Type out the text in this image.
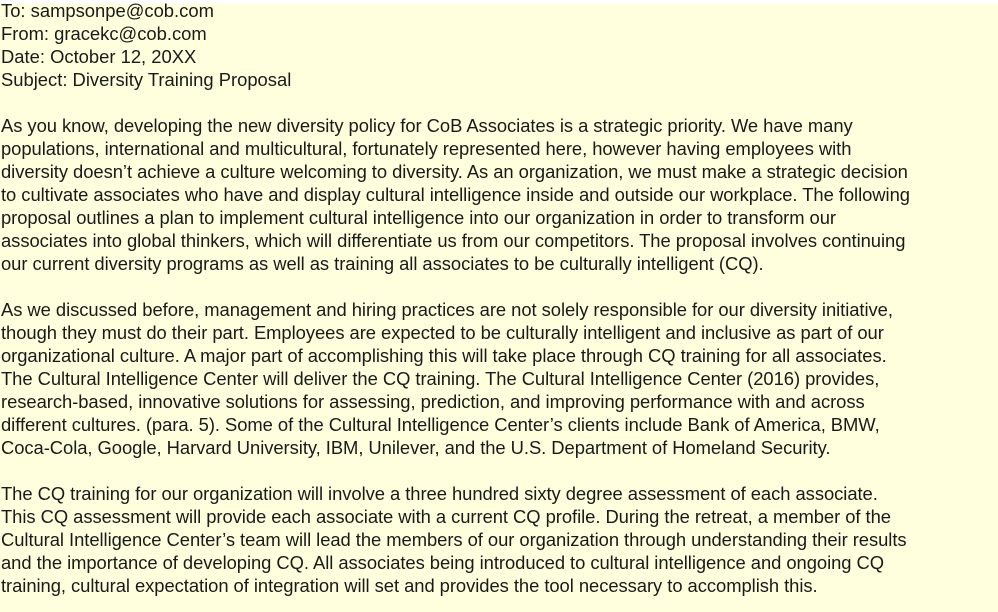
To: sampsonpe@cob.com
From: gracekc@cob.com
Date: October 12, 20XX
Subject: Diversity Training Proposal

As you know, developing the new diversity policy for CoB Associates is a strategic priority. We have many
populations, international and multicultural, fortunately represented here, however having employees with
diversity doesn’t achieve a culture welcoming to diversity. As an organization, we must make a strategic decision
to cultivate associates who have and display cultural intelligence inside and outside our workplace. The following
proposal outlines a plan to implement cultural intelligence into our organization in order to transform our
associates into global thinkers, which will differentiate us from our competitors. The proposal involves continuing
our current diversity programs as well as training all associates to be culturally intelligent (CQ).

As we discussed before, management and hiring practices are not solely responsible for our diversity initiative,
though they must do their part. Employees are expected to be culturally intelligent and inclusive as part of our
organizational culture. A major part of accomplishing this will take place through CQ training for all associates.
The Cultural Intelligence Center will deliver the CQ training. The Cultural Intelligence Center (2016) provides,
research-based, innovative solutions for assessing, prediction, and improving performance with and across
different cultures. (para. 5). Some of the Cultural Intelligence Center’s clients include Bank of America, BMW,
Coca-Cola, Google, Harvard University, IBM, Unilever, and the U.S. Department of Homeland Security.

The CQ training for our organization will involve a three hundred sixty degree assessment of each associate.
This CQ assessment will provide each associate with a current CQ profile. During the retreat, a member of the
Cultural Intelligence Center’s team will lead the members of our organization through understanding their results
and the importance of developing CQ. All associates being introduced to cultural intelligence and ongoing CQ
training, cultural expectation of integration will set and provides the tool necessary to accomplish this.
